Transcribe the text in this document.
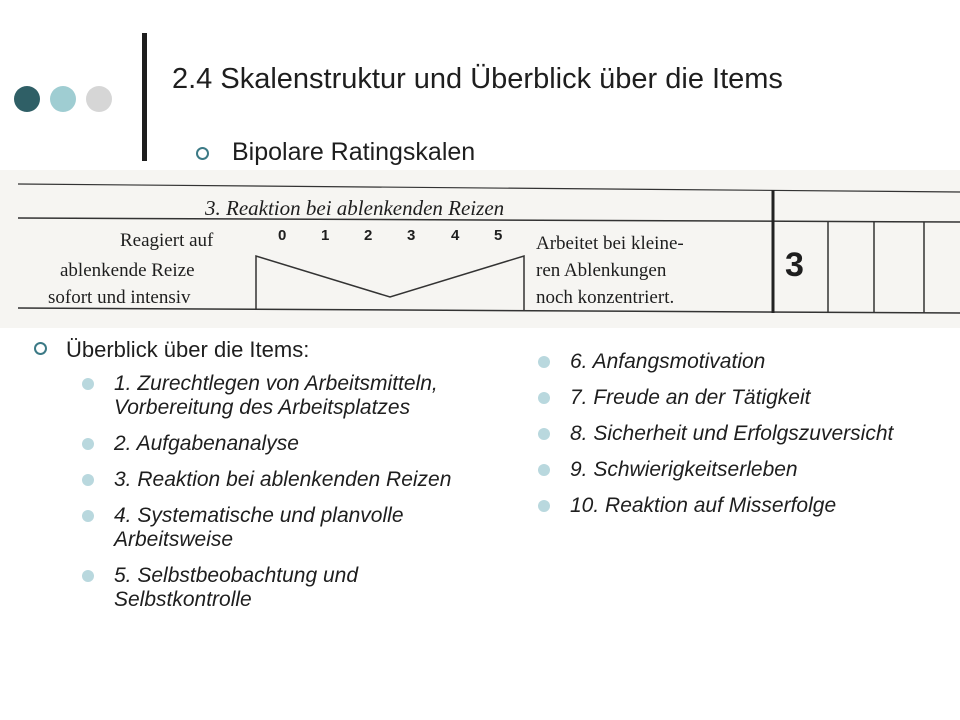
2.4 Skalenstruktur und Überblick über die Items
Bipolare Ratingskalen
3. Reaktion bei ablenkenden Reizen
Reagiert auf
ablenkende Reize
sofort und intensiv
0 1 2 3 4 5 Arbeitet bei kleine-
ren Ablenkungen
noch konzentriert.
3
Überblick über die Items:
1. Zurechtlegen von Arbeitsmitteln, Vorbereitung des Arbeitsplatzes
2. Aufgabenanalyse
3. Reaktion bei ablenkenden Reizen
4. Systematische und planvolle Arbeitsweise
5. Selbstbeobachtung und Selbstkontrolle
6. Anfangsmotivation
7. Freude an der Tätigkeit
8. Sicherheit und Erfolgszuversicht
9. Schwierigkeitserleben
10. Reaktion auf Misserfolge
